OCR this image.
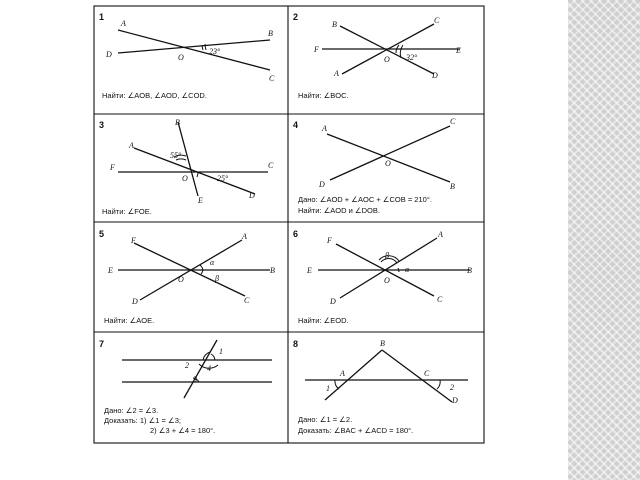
1
A
B
C
D	O
23°
Найти: ∠AOB, ∠AOD, ∠COD.
2
B	C
F	E
A	D
O 32°
Найти: ∠BOC.
3	B
A
C
F
O
D
E
55°
25°
Найти: ∠FOE.
4	A
C
D	B
O
Дано: ∠AOD + ∠AOC + ∠COB = 210°.
Найти: ∠AOD и ∠DOB.
5
F	A
E	B
O
D	C
α
β
Найти: ∠AOE.
6
F
A
E	B
O
D	C
β
α
Найти: ∠EOD.
7
1
2 4
3
Дано: ∠2 = ∠3.
Доказать: 1) ∠1 = ∠3;
2) ∠3 + ∠4 = 180°.
8	B
A	C
D
1	2
Дано: ∠1 = ∠2.
Доказать: ∠BAC + ∠ACD = 180°.
